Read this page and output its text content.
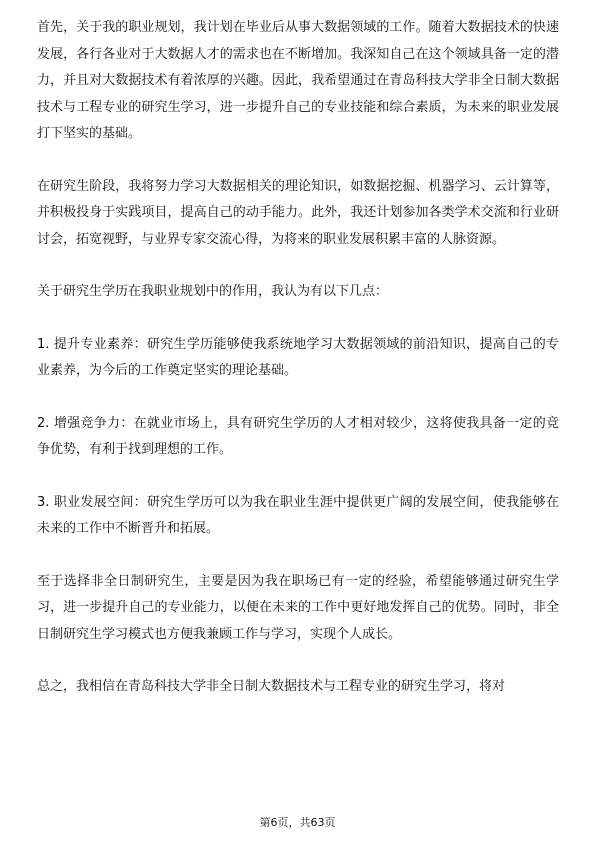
首先，关于我的职业规划，我计划在毕业后从事大数据领域的工作。随着大数据技术的快速发展，各行各业对于大数据人才的需求也在不断增加。我深知自己在这个领域具备一定的潜力，并且对大数据技术有着浓厚的兴趣。因此，我希望通过在青岛科技大学非全日制大数据技术与工程专业的研究生学习，进一步提升自己的专业技能和综合素质，为未来的职业发展打下坚实的基础。

在研究生阶段，我将努力学习大数据相关的理论知识，如数据挖掘、机器学习、云计算等，并积极投身于实践项目，提高自己的动手能力。此外，我还计划参加各类学术交流和行业研讨会，拓宽视野，与业界专家交流心得，为将来的职业发展积累丰富的人脉资源。

关于研究生学历在我职业规划中的作用，我认为有以下几点：

1. 提升专业素养：研究生学历能够使我系统地学习大数据领域的前沿知识，提高自己的专业素养，为今后的工作奠定坚实的理论基础。

2. 增强竞争力：在就业市场上，具有研究生学历的人才相对较少，这将使我具备一定的竞争优势，有利于找到理想的工作。

3. 职业发展空间：研究生学历可以为我在职业生涯中提供更广阔的发展空间，使我能够在未来的工作中不断晋升和拓展。

至于选择非全日制研究生，主要是因为我在职场已有一定的经验，希望能够通过研究生学习，进一步提升自己的专业能力，以便在未来的工作中更好地发挥自己的优势。同时，非全日制研究生学习模式也方便我兼顾工作与学习，实现个人成长。

总之，我相信在青岛科技大学非全日制大数据技术与工程专业的研究生学习，将对

第6页，共63页
